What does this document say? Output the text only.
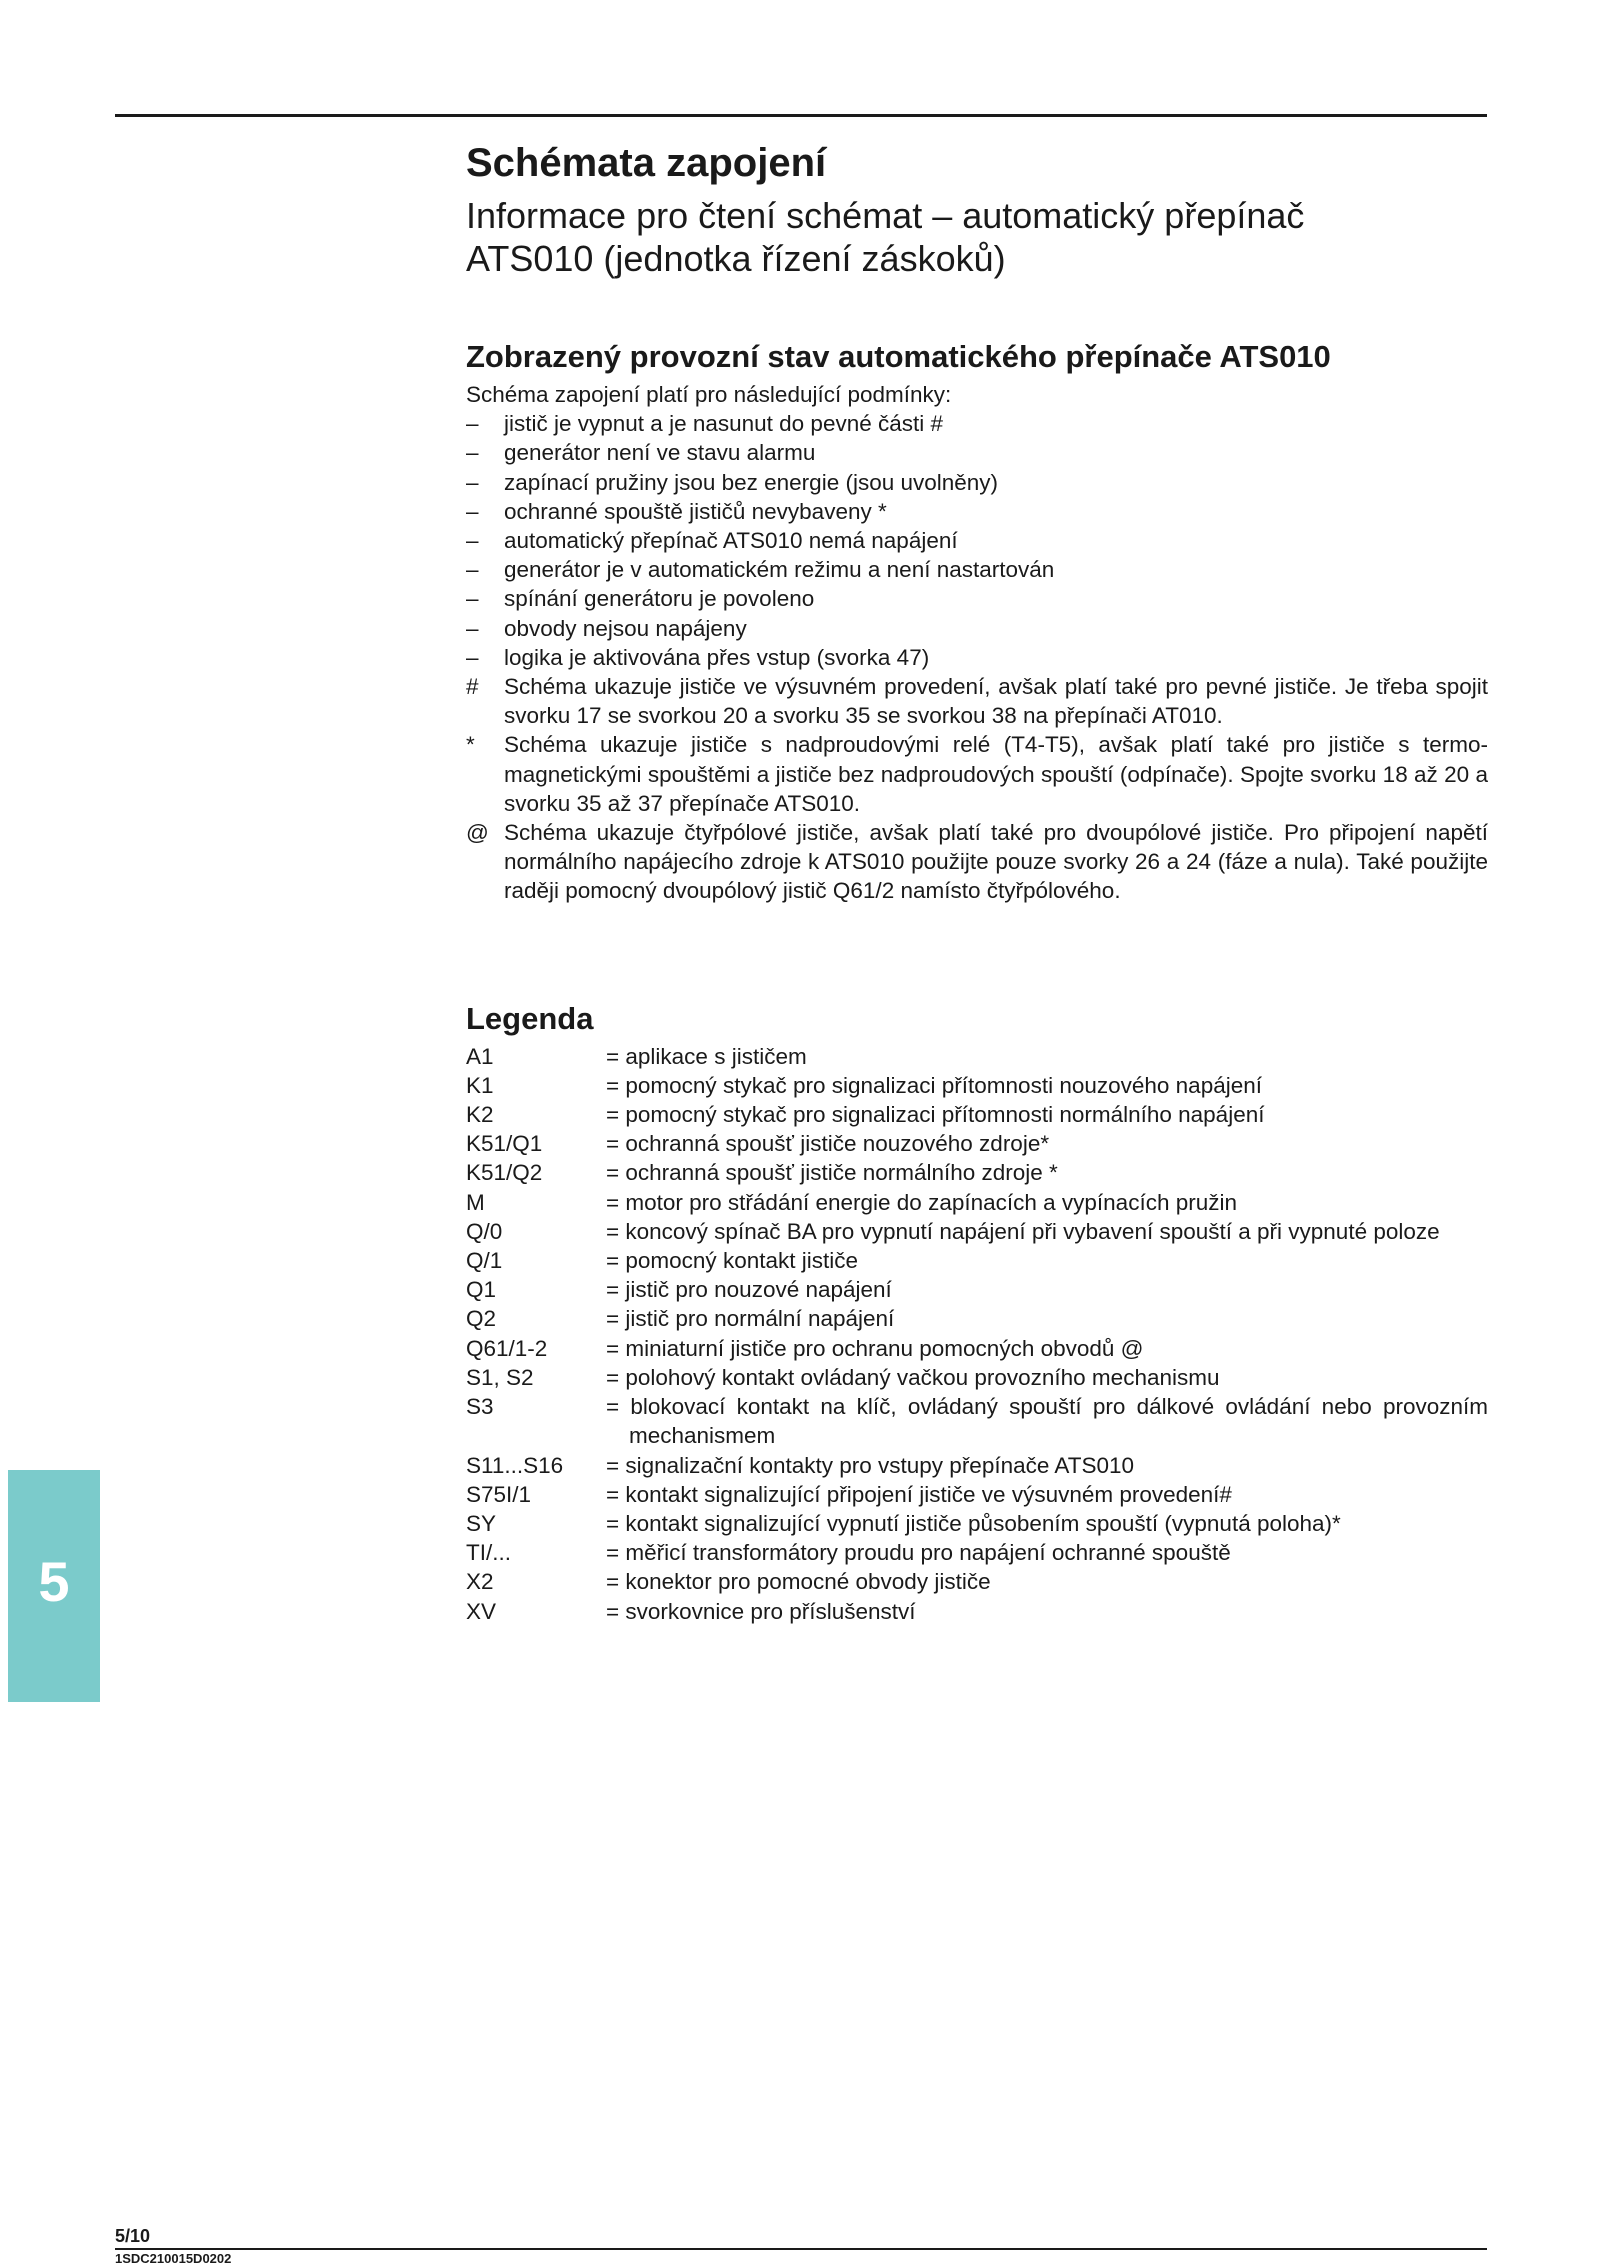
Schémata zapojení
Informace pro čtení schémat – automatický přepínač
ATS010 (jednotka řízení záskoků)
Zobrazený provozní stav automatického přepínače ATS010
Schéma zapojení platí pro následující podmínky:
–	jistič je vypnut a je nasunut do pevné části #
–	generátor není ve stavu alarmu
–	zapínací pružiny jsou bez energie (jsou uvolněny)
–	ochranné spouště jističů nevybaveny *
–	automatický přepínač ATS010 nemá napájení
–	generátor je v automatickém režimu a není nastartován
–	spínání generátoru je povoleno
–	obvody nejsou napájeny
–	logika je aktivována přes vstup (svorka 47)
#	Schéma ukazuje jističe ve výsuvném provedení, avšak platí také pro pevné jističe. Je třeba spojit svorku 17 se svorkou 20 a svorku 35 se svorkou 38 na přepínači AT010.
*	Schéma ukazuje jističe s nadproudovými relé (T4-T5), avšak platí také pro jističe s termo-magnetickými spouštěmi a jističe bez nadproudových spouští (odpínače). Spojte svorku 18 až 20 a svorku 35 až 37 přepínače ATS010.
@ Schéma ukazuje čtyřpólové jističe, avšak platí také pro dvoupólové jističe. Pro připojení napětí normálního napájecího zdroje k ATS010 použijte pouze svorky 26 a 24 (fáze a nula). Také použijte raději pomocný dvoupólový jistič Q61/2 namísto čtyřpólového.
Legenda
A1	= aplikace s jističem
K1	= pomocný stykač pro signalizaci přítomnosti nouzového napájení
K2	= pomocný stykač pro signalizaci přítomnosti normálního napájení
K51/Q1	= ochranná spoušť jističe nouzového zdroje*
K51/Q2	= ochranná spoušť jističe normálního zdroje *
M	= motor pro střádání energie do zapínacích a vypínacích pružin
Q/0	= koncový spínač BA pro vypnutí napájení při vybavení spouští a při vypnuté poloze
Q/1	= pomocný kontakt jističe
Q1	= jistič pro nouzové napájení
Q2	= jistič pro normální napájení
Q61/1-2	= miniaturní jističe pro ochranu pomocných obvodů @
S1, S2	= polohový kontakt ovládaný vačkou provozního mechanismu
S3	= blokovací kontakt na klíč, ovládaný spouští pro dálkové ovládání nebo provozním mechanismem
S11...S16	= signalizační kontakty pro vstupy přepínače ATS010
S75I/1	= kontakt signalizující připojení jističe ve výsuvném provedení#
SY	= kontakt signalizující vypnutí jističe působením spouští (vypnutá poloha)*
TI/...	= měřicí transformátory proudu pro napájení ochranné spouště
X2	= konektor pro pomocné obvody jističe
XV	= svorkovnice pro příslušenství
5
5/10
1SDC210015D0202
